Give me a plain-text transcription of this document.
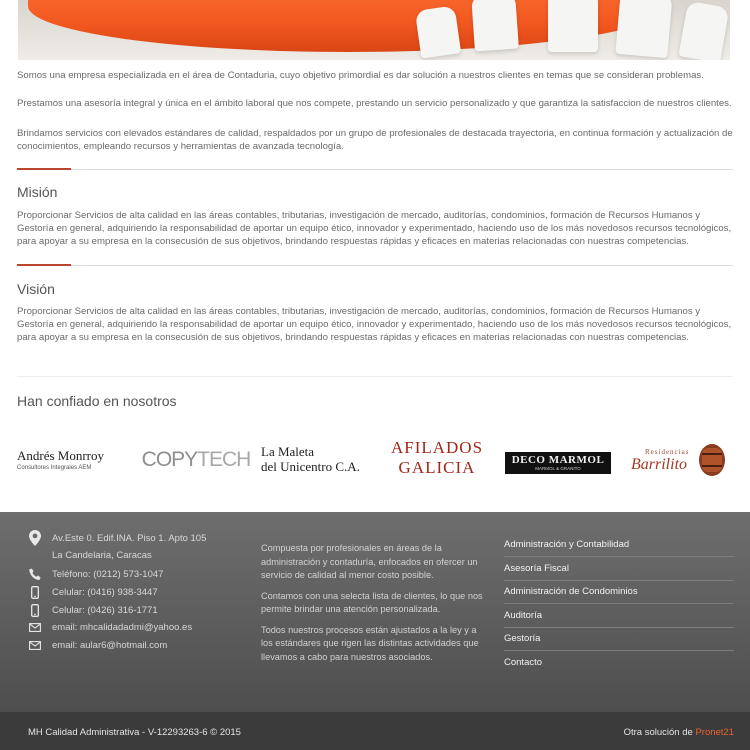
Somos una empresa especializada en el área de Contaduria, cuyo objetivo primordial es dar solución a nuestros clientes en temas que se consideran problemas.

Prestamos una asesoría integral y única en el ámbito laboral que nos compete, prestando un servicio personalizado y que garantiza la satisfaccion de nuestros clientes.

Brindamos servicios con elevados estándares de calidad, respaldados por un grupo de profesionales de destacada trayectoria, en continua formación y actualización de conocimientos, empleando recursos y herramientas de avanzada tecnología.

Misión

Proporcionar Servicios de alta calidad en las áreas contables, tributarias, investigación de mercado, auditorías, condominios, formación de Recursos Humanos y Gestoría en general, adquiriendo la responsabilidad de aportar un equipo ético, innovador y experimentado, haciendo uso de los más novedosos recursos tecnológicos, para apoyar a su empresa en la consecusión de sus objetivos, brindando respuestas rápidas y eficaces en materias relacionadas con nuestras competencias.

Visión

Proporcionar Servicios de alta calidad en las áreas contables, tributarias, investigación de mercado, auditorías, condominios, formación de Recursos Humanos y Gestoría en general, adquiriendo la responsabilidad de aportar un equipo ético, innovador y experimentado, haciendo uso de los más novedosos recursos tecnológicos, para apoyar a su empresa en la consecusión de sus objetivos, brindando respuestas rápidas y eficaces en materias relacionadas con nuestras competencias.

Han confiado en nosotros
Andrés Monrroy
Consultores Integrales AEM	COPY TECH La Maleta
del Unicentro C.A.
AFILADOS
GALICIA	DECO MARMOL
MARMOL & GRANITO
Residencias
Barrilito
Av.Este 0. Edif.INA. Piso 1. Apto 105
La Candelaria, Caracas
Teléfono: (0212) 573-1047
Celular: (0416) 938-3447
Celular: (0426) 316-1771
email: mhcalidadadmi@yahoo.es
email: aular6@hotmail.com

Compuesta por profesionales en áreas de la administración y contaduría, enfocados en ofercer un servicio de calidad al menor costo posible.

Contamos con una selecta lista de clientes, lo que nos permite brindar una atención personalizada.

Todos nuestros procesos están ajustados a la ley y a los estándares que rigen las distintas actividades que llevamos a cabo para nuestros asociados.

Administración y Contabilidad
Asesoría Fiscal
Administración de Condominios
Auditoría
Gestoría
Contacto
MH Calidad Administrativa - V-12293263-6 © 2015	Otra solución de Pronet21
